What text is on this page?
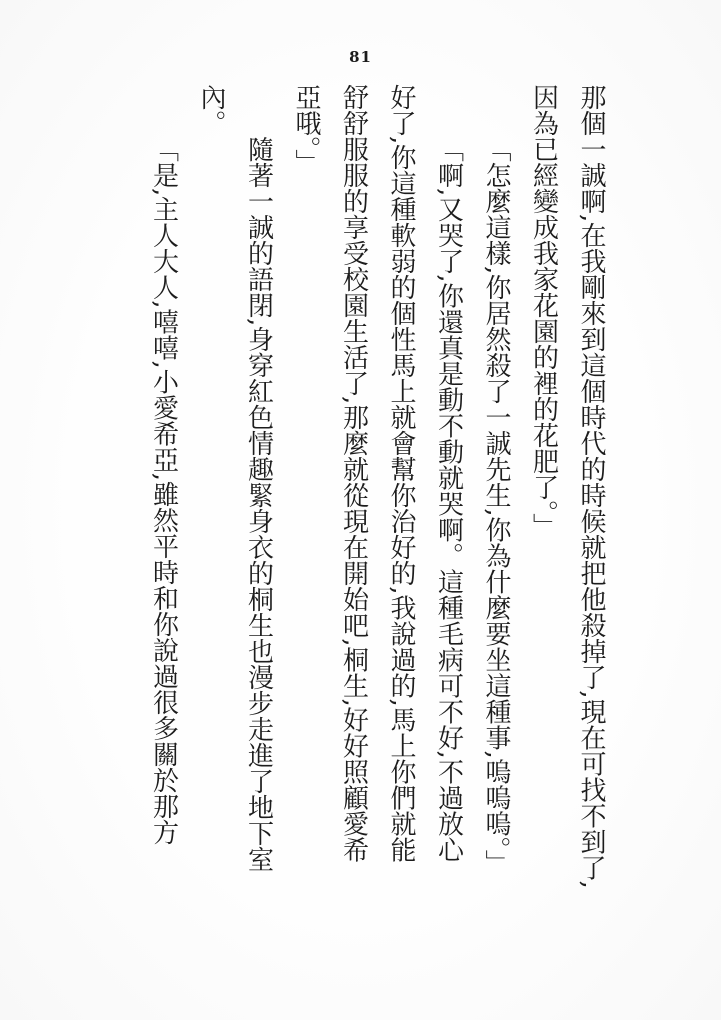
81
那個一誠啊,在我剛來到這個時代的時候就把他殺掉了,現在可找不到了,
因為已經變成我家花園的裡的花肥了。」
「怎麼這樣,你居然殺了一誠先生,你為什麼要坐這種事,嗚嗚嗚。」
「啊,又哭了,你還真是動不動就哭啊。這種毛病可不好,不過放心
好了,你這種軟弱的個性馬上就會幫你治好的,我說過的,馬上你們就能
舒舒服服的享受校園生活了,那麼就從現在開始吧,桐生,好好照顧愛希
亞哦。」
隨著一誠的語閉,身穿紅色情趣緊身衣的桐生也漫步走進了地下室
內。
「是,主人大人,嘻嘻,小愛希亞,雖然平時和你說過很多關於那方
